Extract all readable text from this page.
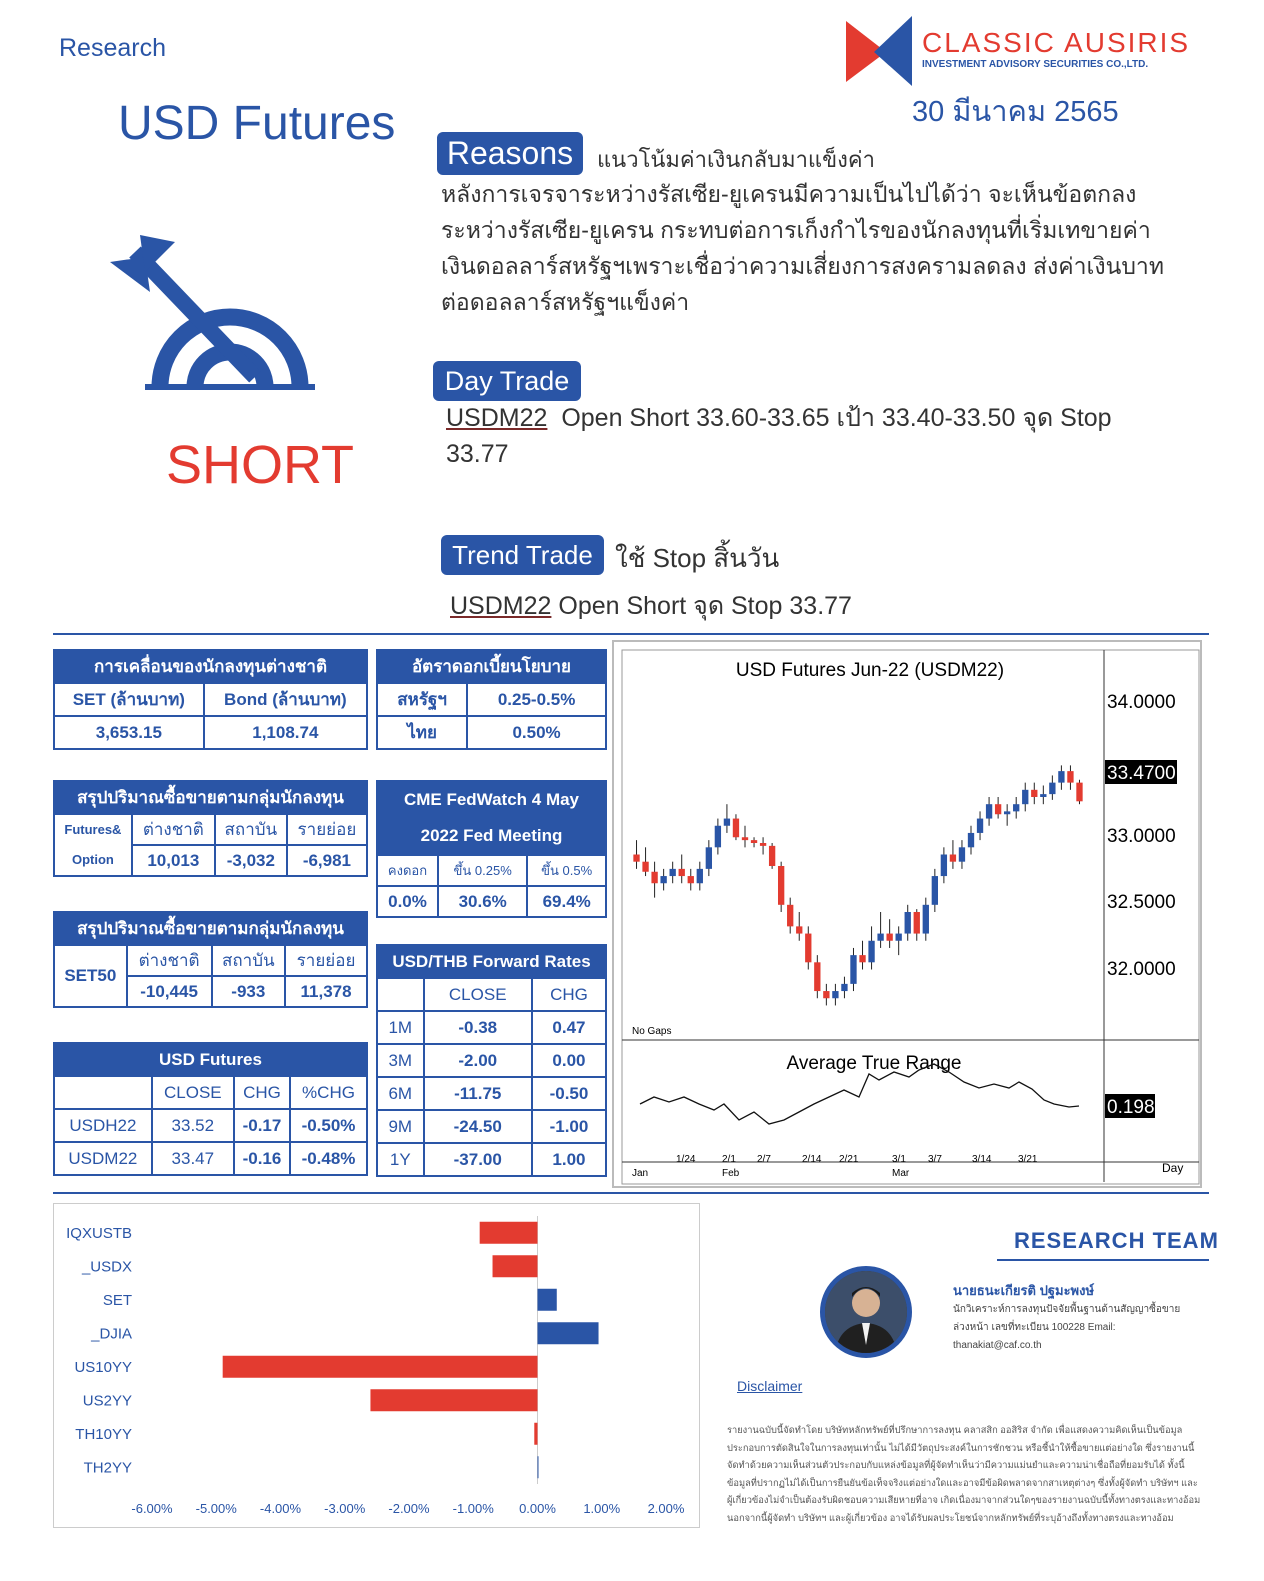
Research
USD Futures
SHORT
CLASSIC AUSIRIS
INVESTMENT ADVISORY SECURITIES CO.,LTD.
30 มีนาคม 2565
Reasons	แนวโน้มค่าเงินกลับมาแข็งค่า
หลังการเจรจาระหว่างรัสเซีย-ยูเครนมีความเป็นไปได้ว่า จะเห็นข้อตกลงระหว่างรัสเซีย-ยูเครน กระทบต่อการเก็งกำไรของนักลงทุนที่เริ่มเทขายค่าเงินดอลลาร์สหรัฐฯเพราะเชื่อว่าความเสี่ยงการสงครามลดลง ส่งค่าเงินบาทต่อดอลลาร์สหรัฐฯแข็งค่า
Day Trade
USDM22 Open Short 33.60-33.65 เป้า 33.40-33.50 จุด Stop 33.77
Trend Trade ใช้ Stop สิ้นวัน
USDM22 Open Short จุด Stop 33.77
การเคลื่อนของนักลงทุนต่างชาติ	
SET (ล้านบาท)	Bond (ล้านบาท)
3,653.15	1,108.74
อัตราดอกเบี้ยนโยบาย	
สหรัฐฯ	0.25-0.5%
ไทย	0.50%
สรุปปริมาณซื้อขายตามกลุ่มนักลงทุน			
Futures&
Option	ต่างชาติ	สถาบัน	รายย่อย
	10,013	-3,032	-6,981
CME FedWatch 4 May
2022 Fed Meeting		
คงดอก	ขึ้น 0.25%	ขึ้น 0.5%
0.0%	30.6%	69.4%
สรุปปริมาณซื้อขายตามกลุ่มนักลงทุน			
SET50	ต่างชาติ	สถาบัน	รายย่อย
	-10,445	-933	11,378
USD/THB Forward Rates		
	CLOSE	CHG
1M	-0.38	0.47
3M	-2.00	0.00
6M	-11.75	-0.50
9M	-24.50	-1.00
1Y	-37.00	1.00
USD Futures			
	CLOSE	CHG	%CHG
USDH22	33.52	-0.17	-0.50%
USDM22	33.47	-0.16	-0.48%
USD Futures Jun-22 (USDM22)
34.0000
33.0000
32.5000
32.0000
33.4700
No Gaps
Average True Range
0.198
1/24	2/1 2/7	2/14 2/21	3/1 3/7	3/14	3/21
Jan	Feb	Mar	Day
IQXUSTB
_USDX
SET
_DJIA
US10YY
US2YY
TH10YY
TH2YY
-6.00% -5.00% -4.00% -3.00% -2.00% -1.00% 0.00% 1.00% 2.00%
RESEARCH TEAM
นายธนะเกียรติ ปฐมะพงษ์
นักวิเคราะห์การลงทุนปัจจัยพื้นฐานด้านสัญญาซื้อขายล่วงหน้า เลขที่ทะเบียน 100228 Email: thanakiat@caf.co.th
Disclaimer
รายงานฉบับนี้จัดทำโดย บริษัทหลักทรัพย์ที่ปรึกษาการลงทุน คลาสสิก ออสิริส จำกัด เพื่อแสดงความคิดเห็นเป็นข้อมูลประกอบการตัดสินใจในการลงทุนเท่านั้น ไม่ได้มีวัตถุประสงค์ในการชักชวน หรือชี้นำให้ซื้อขายแต่อย่างใด ซึ่งรายงานนี้จัดทำด้วยความเห็นส่วนตัวประกอบกับแหล่งข้อมูลที่ผู้จัดทำเห็นว่ามีความแม่นยำและความน่าเชื่อถือที่ยอมรับได้ ทั้งนี้ข้อมูลที่ปรากฏไม่ได้เป็นการยืนยันข้อเท็จจริงแต่อย่างใดและอาจมีข้อผิดพลาดจากสาเหตุต่างๆ ซึ่งทั้งผู้จัดทำ บริษัทฯ และผู้เกี่ยวข้องไม่จำเป็นต้องรับผิดชอบความเสียหายที่อาจ เกิดเนื่องมาจากส่วนใดๆของรายงานฉบับนี้ทั้งทางตรงและทางอ้อม นอกจากนี้ผู้จัดทำ บริษัทฯ และผู้เกี่ยวข้อง อาจได้รับผลประโยชน์จากหลักทรัพย์ที่ระบุอ้างถึงทั้งทางตรงและทางอ้อม
